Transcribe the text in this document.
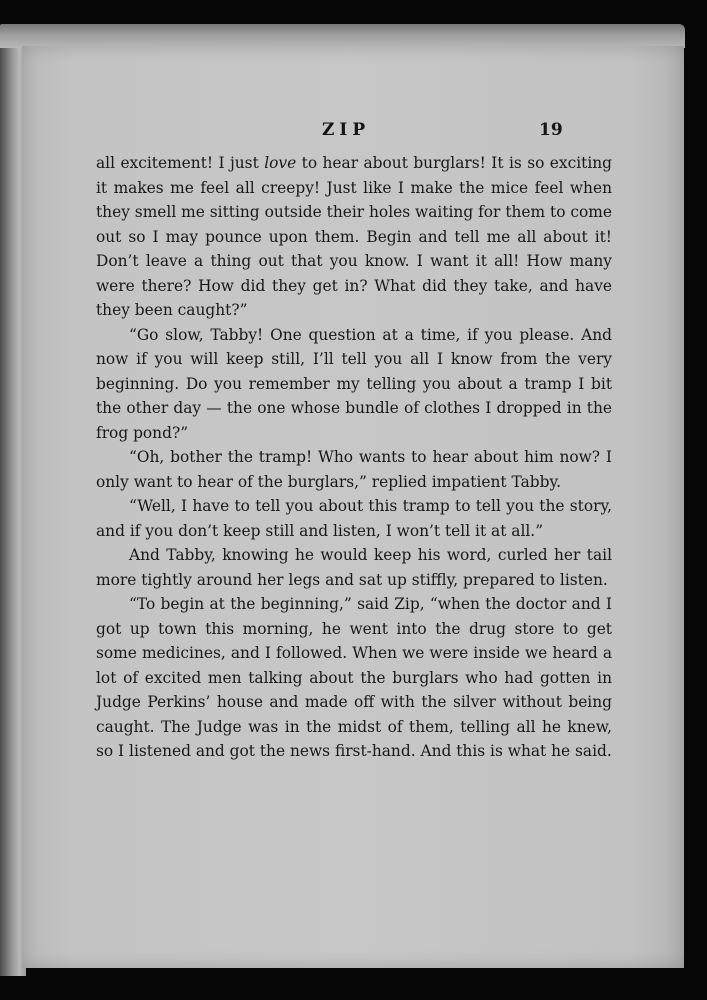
ZIP	19

all excitement! I just love to hear about burglars! It is so exciting it makes me feel all creepy! Just like I make the mice feel when they smell me sitting outside their holes waiting for them to come out so I may pounce upon them. Begin and tell me all about it! Don’t leave a thing out that you know. I want it all! How many were there? How did they get in? What did they take, and have they been caught?”

“Go slow, Tabby! One question at a time, if you please. And now if you will keep still, I’ll tell you all I know from the very beginning. Do you remember my telling you about a tramp I bit the other day — the one whose bundle of clothes I dropped in the frog pond?”

“Oh, bother the tramp! Who wants to hear about him now? I only want to hear of the burglars,” replied impatient Tabby.

“Well, I have to tell you about this tramp to tell you the story, and if you don’t keep still and listen, I won’t tell it at all.”

And Tabby, knowing he would keep his word, curled her tail more tightly around her legs and sat up stiffly, prepared to listen.

“To begin at the beginning,” said Zip, “when the doctor and I got up town this morning, he went into the drug store to get some medicines, and I followed. When we were inside we heard a lot of excited men talking about the burglars who had gotten in Judge Perkins’ house and made off with the silver without being caught. The Judge was in the midst of them, telling all he knew, so I listened and got the news first-hand. And this is what he said.
